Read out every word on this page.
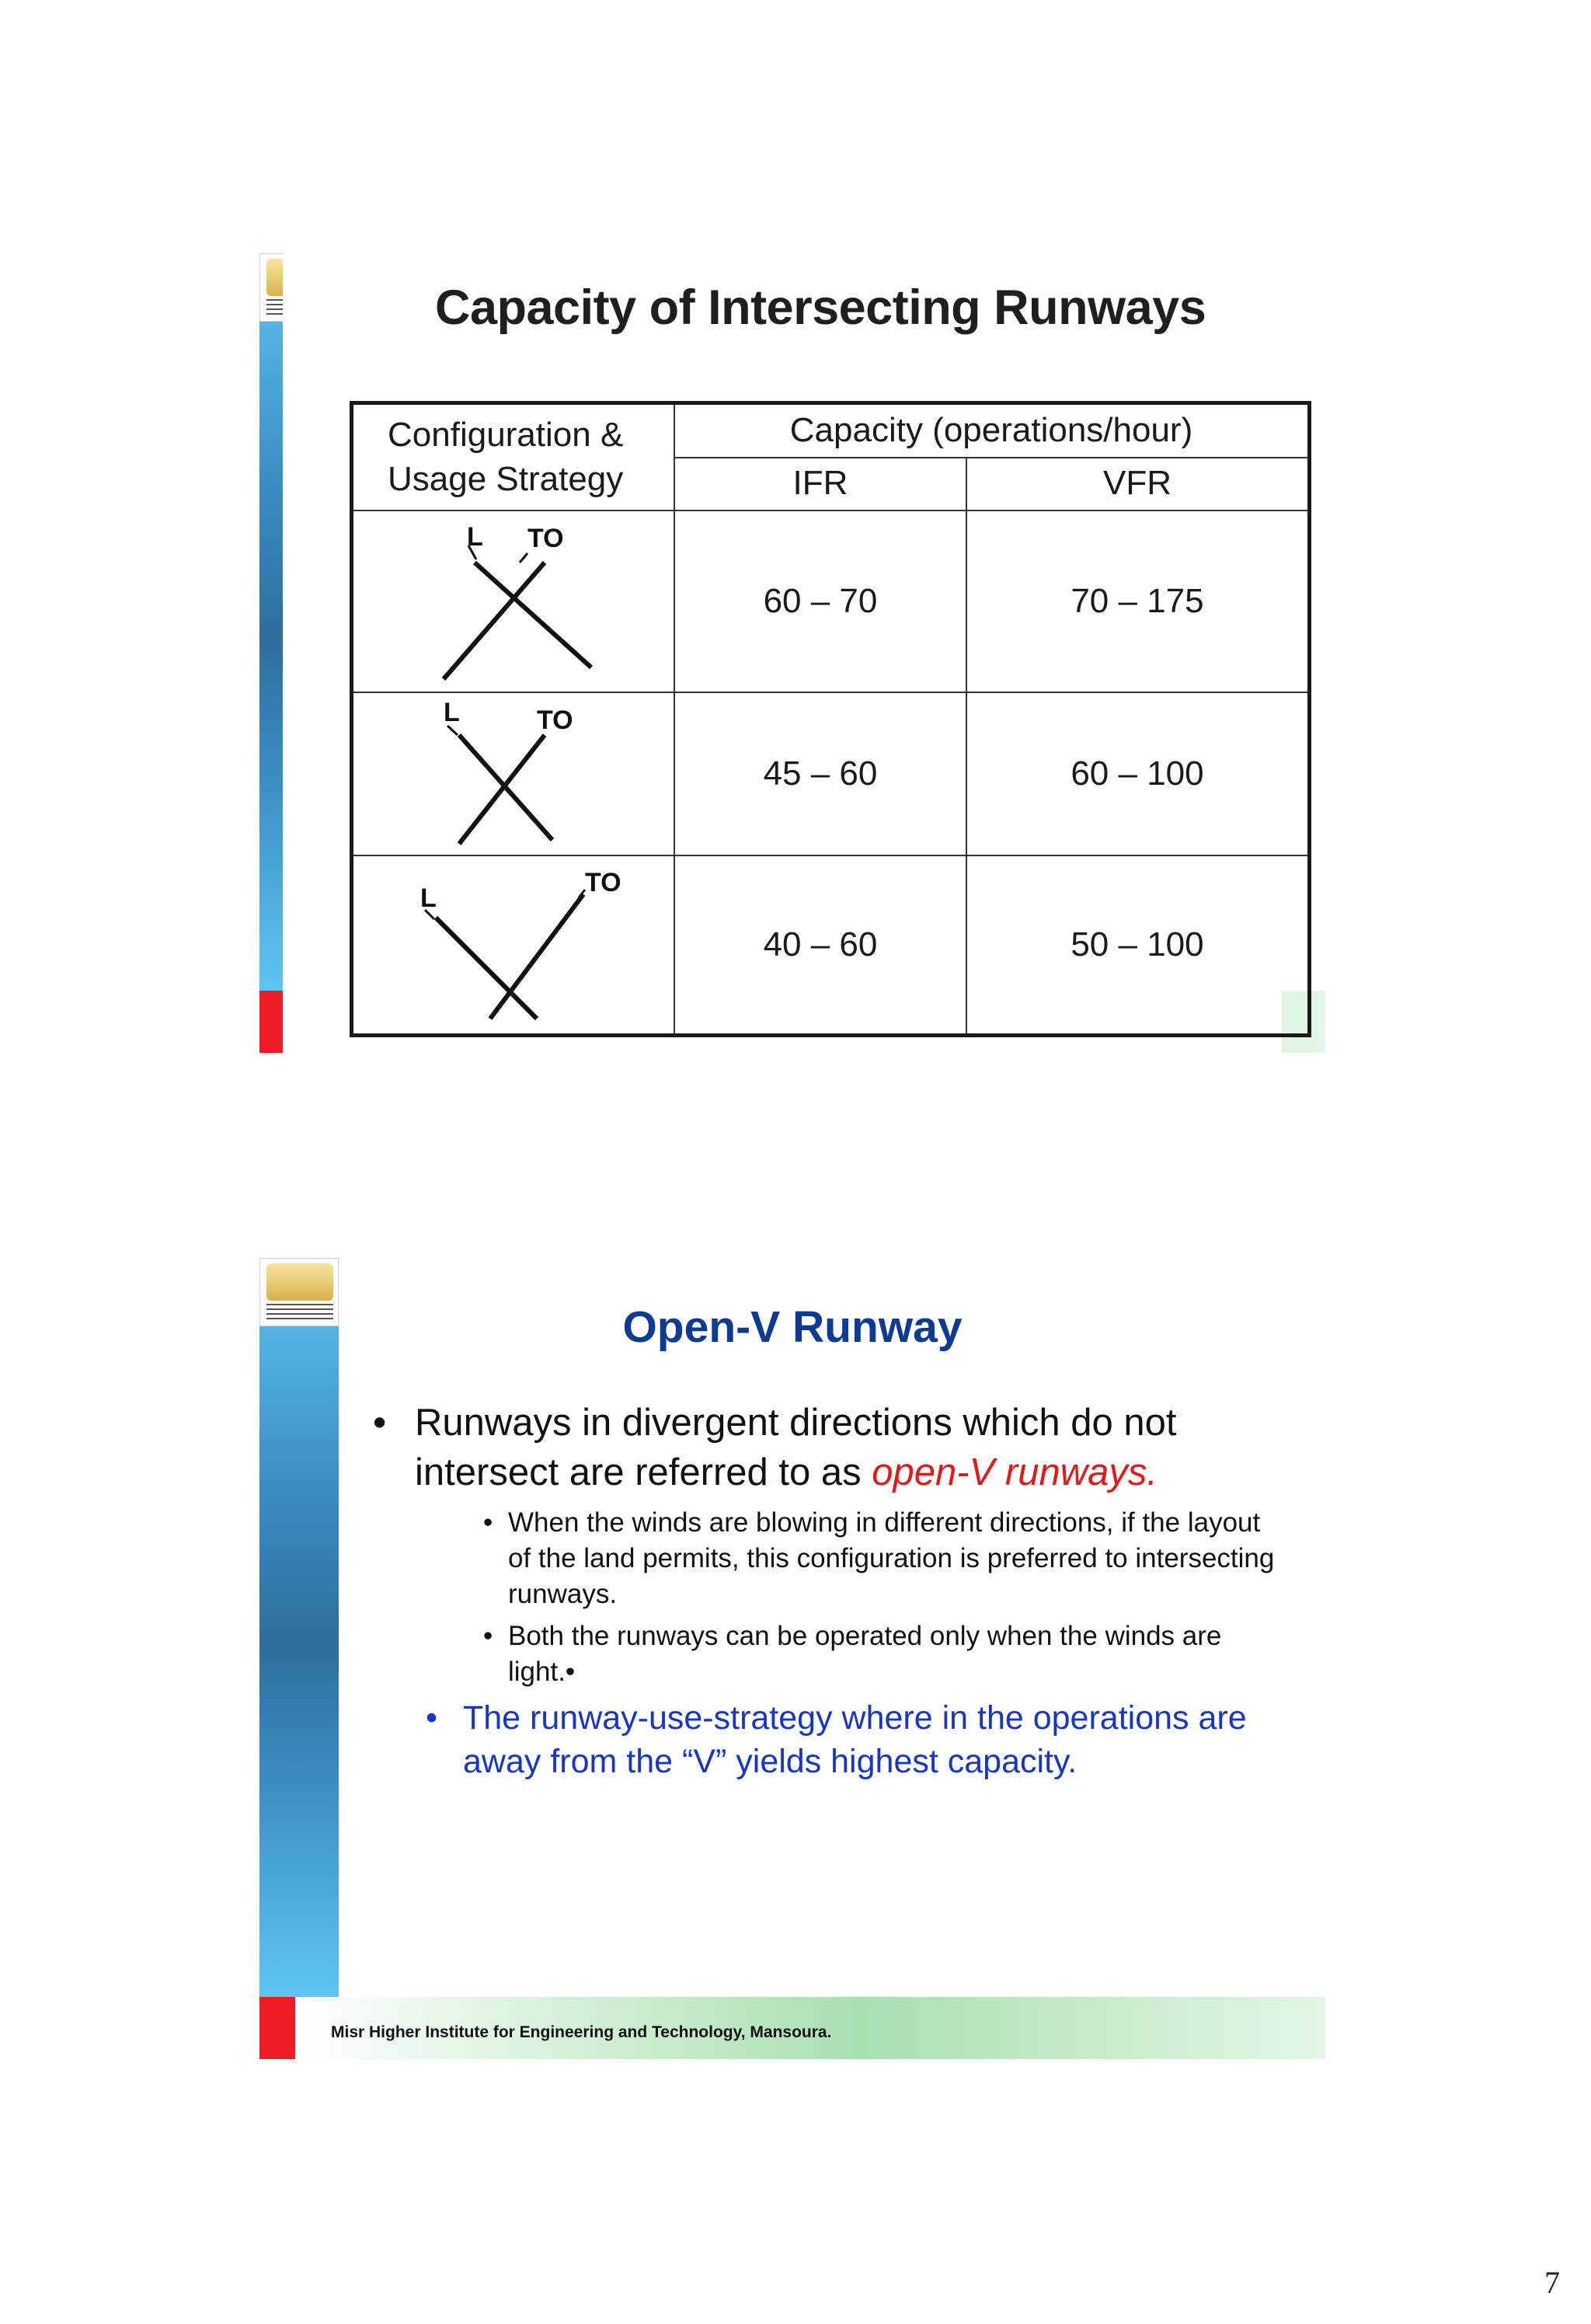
Capacity of Intersecting Runways
Configuration &
Usage Strategy	Capacity (operations/hour)	
	IFR	VFR

L TO	60 – 70	70 – 175

L TO	45 – 60	60 – 100

L
TO	40 – 60	50 – 100
Open-V Runway
• Runways in divergent directions which do not intersect are referred to as open-V runways.
• When the winds are blowing in different directions, if the layout of the land permits, this configuration is preferred to intersecting runways.
• Both the runways can be operated only when the winds are light.•
• The runway-use-strategy where in the operations are away from the “V” yields highest capacity.
Misr Higher Institute for Engineering and Technology, Mansoura.
7
